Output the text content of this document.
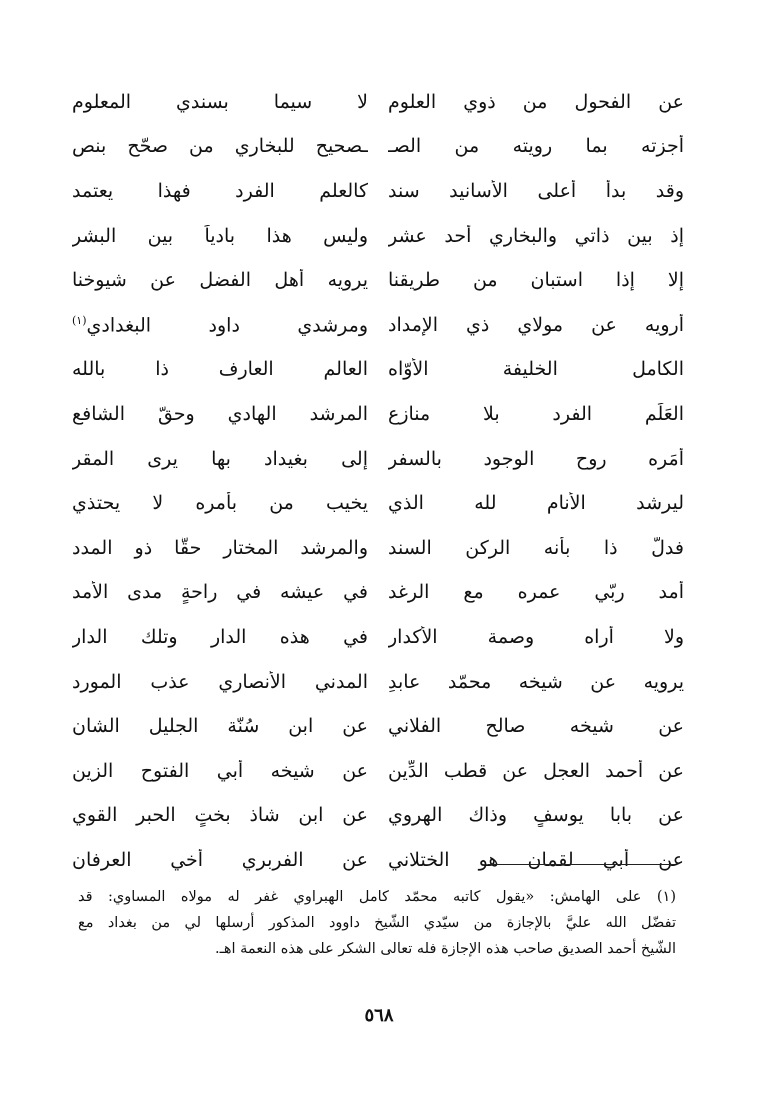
عن الفحول من ذوي العلوم
لا سيما بسندي المعلوم
أجزته بما رويته من الصـ
ـصحيح للبخاري من صحّح بنص
وقد بدأ أعلى الأسانيد سند
كالعلم الفرد فهذا يعتمد
إذ بين ذاتي والبخاري أحد عشر
وليس هذا بادياً بين البشر
إلا إذا استبان من طريقنا
يرويه أهل الفضل عن شيوخنا
أرويه عن مولاي ذي الإمداد
ومرشدي داود البغدادي$^{(١)}$
الكامل الخليفة الأوّاه
العالم العارف ذا بالله
العَلَم الفرد بلا منازع
المرشد الهادي وحقّ الشافع
أمَره روح الوجود بالسفر
إلى بغيداد بها يرى المقر
ليرشد الأنام لله الذي
يخيب من بأمره لا يحتذي
فدلَّ ذا بأنه الركن السند
والمرشد المختار حقًّا ذو المدد
أمد ربّي عمره مع الرغد
في عيشه في راحةٍ مدى الأمد
ولا أراه وصمة الأكدار
في هذه الدار وتلك الدار
يرويه عن شيخه محمّد عابدِ
المدني الأنصاري عذب المورد
عن شيخه صالح الفلاني
عن ابن سُنّة الجليل الشان
عن أحمد العجل عن قطب الدِّين
عن شيخه أبي الفتوح الزين
عن بابا يوسفٍ وذاك الهروي
عن ابن شاذ بختٍ الحبر القوي
عن أبي لقمان هو الختلاني
عن الفربري أخي العرفان
(١) على الهامش: «يقول كاتبه محمّد كامل الهبراوي غفر له مولاه المساوي: قد
تفضّل الله عليَّ بالإجازة من سيّدي الشّيخ داوود المذكور أرسلها لي من بغداد مع
الشّيخ أحمد الصديق صاحب هذه الإجازة فله تعالى الشكر على هذه النعمة اهـ.
٥٦٨
